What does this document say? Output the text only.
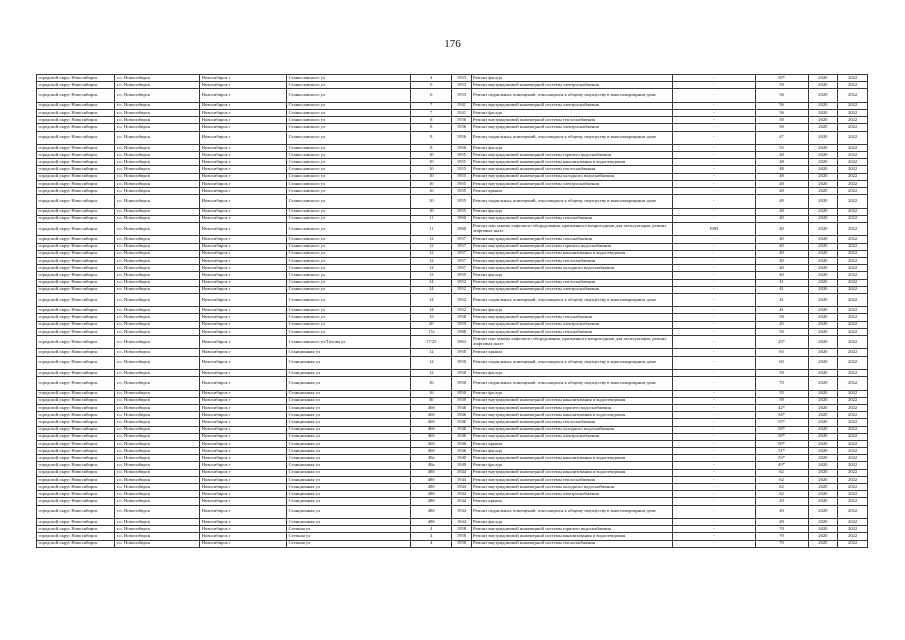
176
городской округ Новосибирск	г.о. Новосибирск	Новосибирск г	Станиславского ул	4	1953	Ремонт фасада	-	50*	2020	2022
городской округ Новосибирск	г.о. Новосибирск	Новосибирск г	Станиславского ул	6	1953	Ремонт внутридомовой инженерной системы электроснабжения	-	50	2020	2022
городской округ Новосибирск	г.о. Новосибирск	Новосибирск г	Станиславского ул	6	1953	Ремонт подвальных помещений, относящихся к общему имуществу в многоквартирном доме	-	56	2020	2022
городской округ Новосибирск	г.о. Новосибирск	Новосибирск г	Станиславского ул	7	1941	Ремонт внутридомовой инженерной системы электроснабжения	-	56	2020	2022
городской округ Новосибирск	г.о. Новосибирск	Новосибирск г	Станиславского ул	7	1941	Ремонт фасада	-	56	2020	2022
городской округ Новосибирск	г.о. Новосибирск	Новосибирск г	Станиславского ул	8	1956	Ремонт внутридомовой инженерной системы теплоснабжения	-	50	2020	2022
городской округ Новосибирск	г.о. Новосибирск	Новосибирск г	Станиславского ул	8	1956	Ремонт внутридомовой инженерной системы электроснабжения	-	50	2020	2022
городской округ Новосибирск	г.о. Новосибирск	Новосибирск г	Станиславского ул	8	1956	Ремонт подвальных помещений, относящихся к общему имуществу в многоквартирном доме	-	47	2020	2022
городской округ Новосибирск	г.о. Новосибирск	Новосибирск г	Станиславского ул	8	1956	Ремонт фасада	-	55	2020	2022
городской округ Новосибирск	г.о. Новосибирск	Новосибирск г	Станиславского ул	10	1955	Ремонт внутридомовой инженерной системы горячего водоснабжения	-	48	2020	2022
городской округ Новосибирск	г.о. Новосибирск	Новосибирск г	Станиславского ул	10	1955	Ремонт внутридомовой инженерной системы канализования и водоотведения	-	48	2020	2022
городской округ Новосибирск	г.о. Новосибирск	Новосибирск г	Станиславского ул	10	1955	Ремонт внутридомовой инженерной системы теплоснабжения	-	48	2020	2022
городской округ Новосибирск	г.о. Новосибирск	Новосибирск г	Станиславского ул	10	1955	Ремонт внутридомовой инженерной системы холодного водоснабжения	-	48	2020	2022
городской округ Новосибирск	г.о. Новосибирск	Новосибирск г	Станиславского ул	10	1955	Ремонт внутридомовой инженерной системы электроснабжения	-	48	2020	2022
городской округ Новосибирск	г.о. Новосибирск	Новосибирск г	Станиславского ул	10	1955	Ремонт крыши	-	48	2020	2022
городской округ Новосибирск	г.о. Новосибирск	Новосибирск г	Станиславского ул	10	1955	Ремонт подвальных помещений, относящихся к общему имуществу в многоквартирном доме	-	48	2020	2022
городской округ Новосибирск	г.о. Новосибирск	Новосибирск г	Станиславского ул	10	1955	Ремонт фасада	-	48	2020	2022
городской округ Новосибирск	г.о. Новосибирск	Новосибирск г	Станиславского ул	11	1960	Ремонт внутридомовой инженерной системы газоснабжения	-	40	2020	2022
городской округ Новосибирск	г.о. Новосибирск	Новосибирск г	Станиславского ул	11	1960	Ремонт или замена лифтового оборудования, признанного непригодным для эксплуатации, ремонт лифтовых шахт	1993	40	2020	2022
городской округ Новосибирск	г.о. Новосибирск	Новосибирск г	Станиславского ул	12	1957	Ремонт внутридомовой инженерной системы газоснабжения	-	40	2020	2022
городской округ Новосибирск	г.о. Новосибирск	Новосибирск г	Станиславского ул	12	1957	Ремонт внутридомовой инженерной системы горячего водоснабжения	-	40	2020	2022
городской округ Новосибирск	г.о. Новосибирск	Новосибирск г	Станиславского ул	12	1957	Ремонт внутридомовой инженерной системы канализования и водоотведения	-	40	2020	2022
городской округ Новосибирск	г.о. Новосибирск	Новосибирск г	Станиславского ул	12	1957	Ремонт внутридомовой инженерной системы теплоснабжения	-	40	2020	2022
городской округ Новосибирск	г.о. Новосибирск	Новосибирск г	Станиславского ул	12	1957	Ремонт внутридомовой инженерной системы холодного водоснабжения	-	40	2020	2022
городской округ Новосибирск	г.о. Новосибирск	Новосибирск г	Станиславского ул	13	1955	Ремонт фасада	-	40	2020	2022
городской округ Новосибирск	г.о. Новосибирск	Новосибирск г	Станиславского ул	14	1952	Ремонт внутридомовой инженерной системы теплоснабжения	-	41	2020	2022
городской округ Новосибирск	г.о. Новосибирск	Новосибирск г	Станиславского ул	14	1952	Ремонт внутридомовой инженерной системы электроснабжения	-	41	2020	2022
городской округ Новосибирск	г.о. Новосибирск	Новосибирск г	Станиславского ул	14	1952	Ремонт подвальных помещений, относящихся к общему имуществу в многоквартирном доме	-	41	2020	2022
городской округ Новосибирск	г.о. Новосибирск	Новосибирск г	Станиславского ул	14	1952	Ремонт фасада	-	41	2020	2022
городской округ Новосибирск	г.о. Новосибирск	Новосибирск г	Станиславского ул	15	1958	Ремонт внутридомовой инженерной системы газоснабжения	-	58	2020	2022
городской округ Новосибирск	г.о. Новосибирск	Новосибирск г	Станиславского ул	20	1959	Ремонт внутридомовой инженерной системы электроснабжения	-	45	2020	2022
городской округ Новосибирск	г.о. Новосибирск	Новосибирск г	Станиславского ул	17а	1988	Ремонт внутридомовой инженерной системы газоснабжения	-	50	2020	2022
городской округ Новосибирск	г.о. Новосибирск	Новосибирск г	Станиславского ул/Титова ул	17/25	1963	Ремонт или замена лифтового оборудования, признанного непригодным для эксплуатации, ремонт лифтовых шахт	-	25*	2020	2022
городской округ Новосибирск	г.о. Новосибирск	Новосибирск г	Станционная ул	12	1950	Ремонт крыши	-	65	2020	2022
городской округ Новосибирск	г.о. Новосибирск	Новосибирск г	Станционная ул	12	1950	Ремонт подвальных помещений, относящихся к общему имуществу в многоквартирном доме	-	60	2020	2022
городской округ Новосибирск	г.о. Новосибирск	Новосибирск г	Станционная ул	12	1950	Ремонт фасада	-	50	2020	2022
городской округ Новосибирск	г.о. Новосибирск	Новосибирск г	Станционная ул	16	1950	Ремонт подвальных помещений, относящихся к общему имуществу в многоквартирном доме	-	70	2020	2022
городской округ Новосибирск	г.о. Новосибирск	Новосибирск г	Станционная ул	16	1950	Ремонт фасада	-	55	2020	2022
городской округ Новосибирск	г.о. Новосибирск	Новосибирск г	Станционная ул	30	1939	Ремонт внутридомовой инженерной системы канализования и водоотведения	-	59	2020	2022
городской округ Новосибирск	г.о. Новосибирск	Новосибирск г	Станционная ул	46б	1946	Ремонт внутридомовой инженерной системы горячего водоснабжения	-	42*	2020	2022
городской округ Новосибирск	г.о. Новосибирск	Новосибирск г	Станционная ул	46б	1946	Ремонт внутридомовой инженерной системы канализования и водоотведения	-	54*	2020	2022
городской округ Новосибирск	г.о. Новосибирск	Новосибирск г	Станционная ул	46б	1946	Ремонт внутридомовой инженерной системы теплоснабжения	-	55*	2020	2022
городской округ Новосибирск	г.о. Новосибирск	Новосибирск г	Станционная ул	46б	1946	Ремонт внутридомовой инженерной системы холодного водоснабжения	-	58*	2020	2022
городской округ Новосибирск	г.о. Новосибирск	Новосибирск г	Станционная ул	46б	1946	Ремонт внутридомовой инженерной системы электроснабжения	-	58*	2020	2022
городской округ Новосибирск	г.о. Новосибирск	Новосибирск г	Станционная ул	46б	1946	Ремонт крыши	-	50*	2020	2022
городской округ Новосибирск	г.о. Новосибирск	Новосибирск г	Станционная ул	46б	1946	Ремонт фасада	-	51*	2020	2022
городской округ Новосибирск	г.о. Новосибирск	Новосибирск г	Станционная ул	48а	1940	Ремонт внутридомовой инженерной системы канализования и водоотведения	-	53*	2020	2022
городской округ Новосибирск	г.о. Новосибирск	Новосибирск г	Станционная ул	48а	1940	Ремонт фасада	-	49*	2020	2022
городской округ Новосибирск	г.о. Новосибирск	Новосибирск г	Станционная ул	48б	1944	Ремонт внутридомовой инженерной системы канализования и водоотведения	-	62	2020	2022
городской округ Новосибирск	г.о. Новосибирск	Новосибирск г	Станционная ул	48б	1944	Ремонт внутридомовой инженерной системы теплоснабжения	-	62	2020	2022
городской округ Новосибирск	г.о. Новосибирск	Новосибирск г	Станционная ул	48б	1944	Ремонт внутридомовой инженерной системы холодного водоснабжения	-	62	2020	2022
городской округ Новосибирск	г.о. Новосибирск	Новосибирск г	Станционная ул	48б	1944	Ремонт внутридомовой инженерной системы электроснабжения	-	62	2020	2022
городской округ Новосибирск	г.о. Новосибирск	Новосибирск г	Станционная ул	48б	1944	Ремонт крыши	-	20	2020	2022
городской округ Новосибирск	г.о. Новосибирск	Новосибирск г	Станционная ул	48б	1944	Ремонт подвальных помещений, относящихся к общему имуществу в многоквартирном доме	-	49	2020	2022
городской округ Новосибирск	г.о. Новосибирск	Новосибирск г	Станционная ул	48б	1944	Ремонт фасада	-	49	2020	2022
городской округ Новосибирск	г.о. Новосибирск	Новосибирск г	Степная ул	4	1958	Ремонт внутридомовой инженерной системы горячего водоснабжения	-	70	2020	2022
городской округ Новосибирск	г.о. Новосибирск	Новосибирск г	Степная ул	4	1958	Ремонт внутридомовой инженерной системы канализования и водоотведения	-	70	2020	2022
городской округ Новосибирск	г.о. Новосибирск	Новосибирск г	Степная ул	4	1958	Ремонт внутридомовой инженерной системы теплоснабжения	-	70	2020	2022
